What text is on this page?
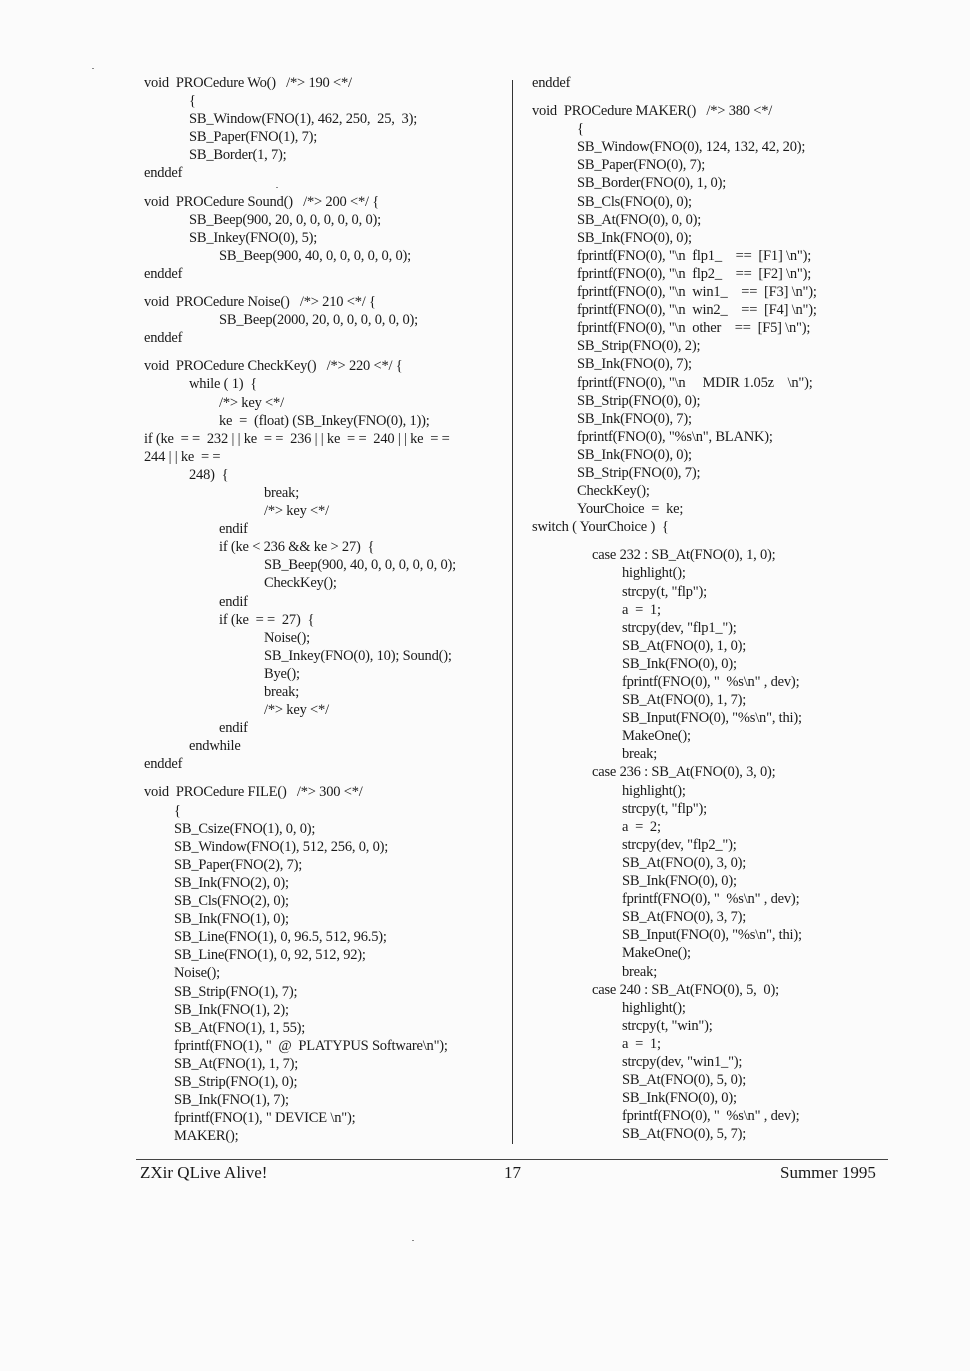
void  PROCedure Wo()   /*> 190 <*/
{
SB_Window(FNO(1), 462, 250,  25,  3);
SB_Paper(FNO(1), 7);
SB_Border(1, 7);
enddef
void  PROCedure Sound()   /*> 200 <*/ {
SB_Beep(900, 20, 0, 0, 0, 0, 0, 0);
SB_Inkey(FNO(0), 5);
SB_Beep(900, 40, 0, 0, 0, 0, 0, 0);
enddef
void  PROCedure Noise()   /*> 210 <*/ {
SB_Beep(2000, 20, 0, 0, 0, 0, 0, 0);
enddef
void  PROCedure CheckKey()   /*> 220 <*/ {
while ( 1)  {
/*> key <*/
ke  =  (float) (SB_Inkey(FNO(0), 1));
if (ke  = =  232 | | ke  = =  236 | | ke  = =  240 | | ke  = =
244 | | ke  = =
248)  {
break;
/*> key <*/
endif
if (ke < 236 && ke > 27)  {
SB_Beep(900, 40, 0, 0, 0, 0, 0, 0);
CheckKey();
endif
if (ke  = =  27)  {
Noise();
SB_Inkey(FNO(0), 10); Sound();
Bye();
break;
/*> key <*/
endif
endwhile
enddef
void  PROCedure FILE()   /*> 300 <*/
{
SB_Csize(FNO(1), 0, 0);
SB_Window(FNO(1), 512, 256, 0, 0);
SB_Paper(FNO(2), 7);
SB_Ink(FNO(2), 0);
SB_Cls(FNO(2), 0);
SB_Ink(FNO(1), 0);
SB_Line(FNO(1), 0, 96.5, 512, 96.5);
SB_Line(FNO(1), 0, 92, 512, 92);
Noise();
SB_Strip(FNO(1), 7);
SB_Ink(FNO(1), 2);
SB_At(FNO(1), 1, 55);
fprintf(FNO(1), "  @  PLATYPUS Software\n");
SB_At(FNO(1), 1, 7);
SB_Strip(FNO(1), 0);
SB_Ink(FNO(1), 7);
fprintf(FNO(1), " DEVICE \n");
MAKER();
enddef
void  PROCedure MAKER()   /*> 380 <*/
{
SB_Window(FNO(0), 124, 132, 42, 20);
SB_Paper(FNO(0), 7);
SB_Border(FNO(0), 1, 0);
SB_Cls(FNO(0), 0);
SB_At(FNO(0), 0, 0);
SB_Ink(FNO(0), 0);
fprintf(FNO(0), "\n  flp1_    ==  [F1] \n");
fprintf(FNO(0), "\n  flp2_    ==  [F2] \n");
fprintf(FNO(0), "\n  win1_    ==  [F3] \n");
fprintf(FNO(0), "\n  win2_    ==  [F4] \n");
fprintf(FNO(0), "\n  other    ==  [F5] \n");
SB_Strip(FNO(0), 2);
SB_Ink(FNO(0), 7);
fprintf(FNO(0), "\n     MDIR 1.05z    \n");
SB_Strip(FNO(0), 0);
SB_Ink(FNO(0), 7);
fprintf(FNO(0), "%s\n", BLANK);
SB_Ink(FNO(0), 0);
SB_Strip(FNO(0), 7);
CheckKey();
YourChoice  =  ke;
switch ( YourChoice )  {
case 232 : SB_At(FNO(0), 1, 0);
highlight();
strcpy(t, "flp");
a  =  1;
strcpy(dev, "flp1_");
SB_At(FNO(0), 1, 0);
SB_Ink(FNO(0), 0);
fprintf(FNO(0), "  %s\n" , dev);
SB_At(FNO(0), 1, 7);
SB_Input(FNO(0), "%s\n", thi);
MakeOne();
break;
case 236 : SB_At(FNO(0), 3, 0);
highlight();
strcpy(t, "flp");
a  =  2;
strcpy(dev, "flp2_");
SB_At(FNO(0), 3, 0);
SB_Ink(FNO(0), 0);
fprintf(FNO(0), "  %s\n" , dev);
SB_At(FNO(0), 3, 7);
SB_Input(FNO(0), "%s\n", thi);
MakeOne();
break;
case 240 : SB_At(FNO(0), 5,  0);
highlight();
strcpy(t, "win");
a  =  1;
strcpy(dev, "win1_");
SB_At(FNO(0), 5, 0);
SB_Ink(FNO(0), 0);
fprintf(FNO(0), "  %s\n" , dev);
SB_At(FNO(0), 5, 7);
ZXir QLive Alive!	17	Summer 1995
